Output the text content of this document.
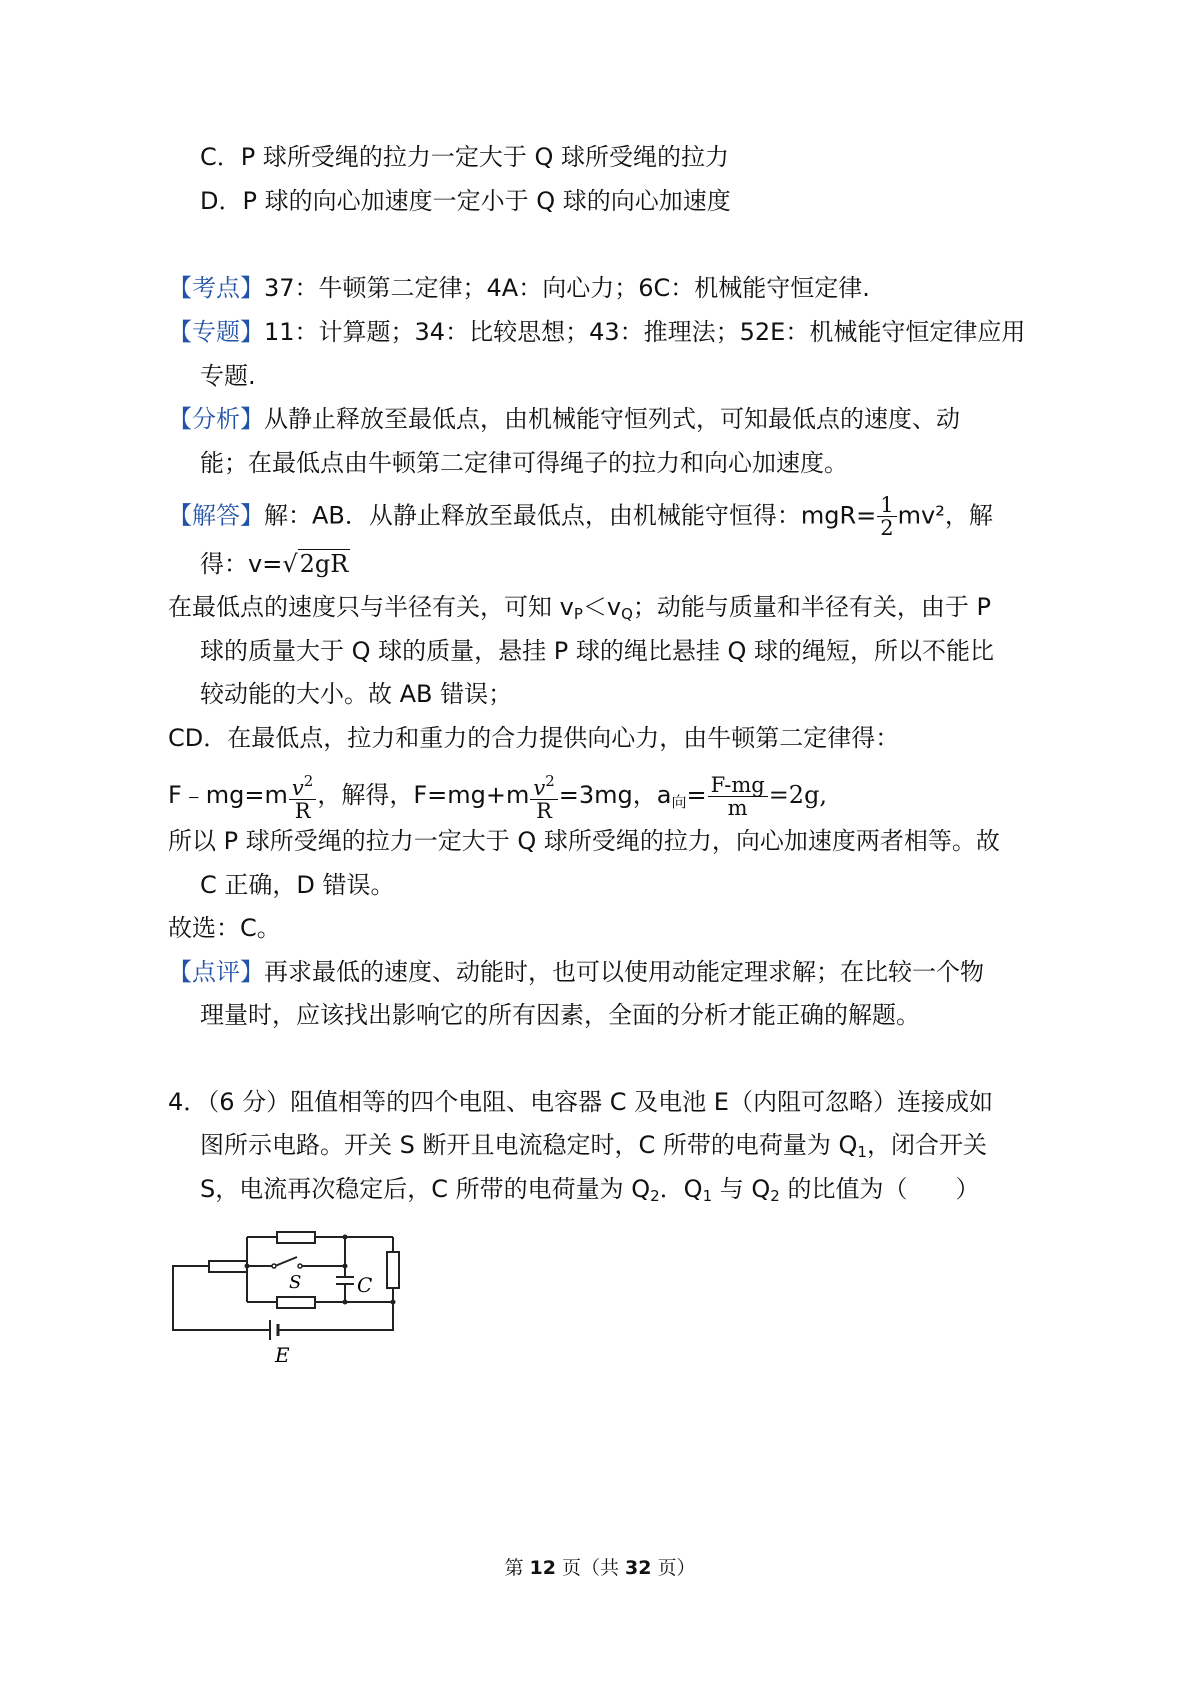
C．P 球所受绳的拉力一定大于 Q 球所受绳的拉力
D．P 球的向心加速度一定小于 Q 球的向心加速度
【考点】37：牛顿第二定律；4A：向心力；6C：机械能守恒定律.
【专题】11：计算题；34：比较思想；43：推理法；52E：机械能守恒定律应用
专题.
【分析】从静止释放至最低点，由机械能守恒列式，可知最低点的速度、动
能；在最低点由牛顿第二定律可得绳子的拉力和向心加速度。
【解答】解：AB．从静止释放至最低点，由机械能守恒得：$mgR= \frac{1}{2} mv^2$，解
得：v=√2gR
在最低点的速度只与半径有关，可知 $v_P<v_Q$；动能与质量和半径有关，由于 P
球的质量大于 Q 球的质量，悬挂 P 球的绳比悬挂 Q 球的绳短，所以不能比
较动能的大小。故 AB 错误；
CD．在最低点，拉力和重力的合力提供向心力，由牛顿第二定律得：
F﹣mg=m $\frac{v^2}{R}$ ，解得，$F=mg+m \frac{v^2}{R} =3mg$，$a_向= \frac{F-mg}{m} =2g$,
所以 P 球所受绳的拉力一定大于 Q 球所受绳的拉力，向心加速度两者相等。故
C 正确，D 错误。
故选：C。
【点评】再求最低的速度、动能时，也可以使用动能定理求解；在比较一个物
理量时，应该找出影响它的所有因素，全面的分析才能正确的解题。
4．（6 分）阻值相等的四个电阻、电容器 C 及电池 E（内阻可忽略）连接成如
图所示电路。开关 S 断开且电流稳定时，C 所带的电荷量为 $Q_1$，闭合开关
S，电流再次稳定后，C 所带的电荷量为 $Q_2$．$Q_1$ 与 $Q_2$ 的比值为（　　）
S	C
E
第 12 页（共 32 页）
